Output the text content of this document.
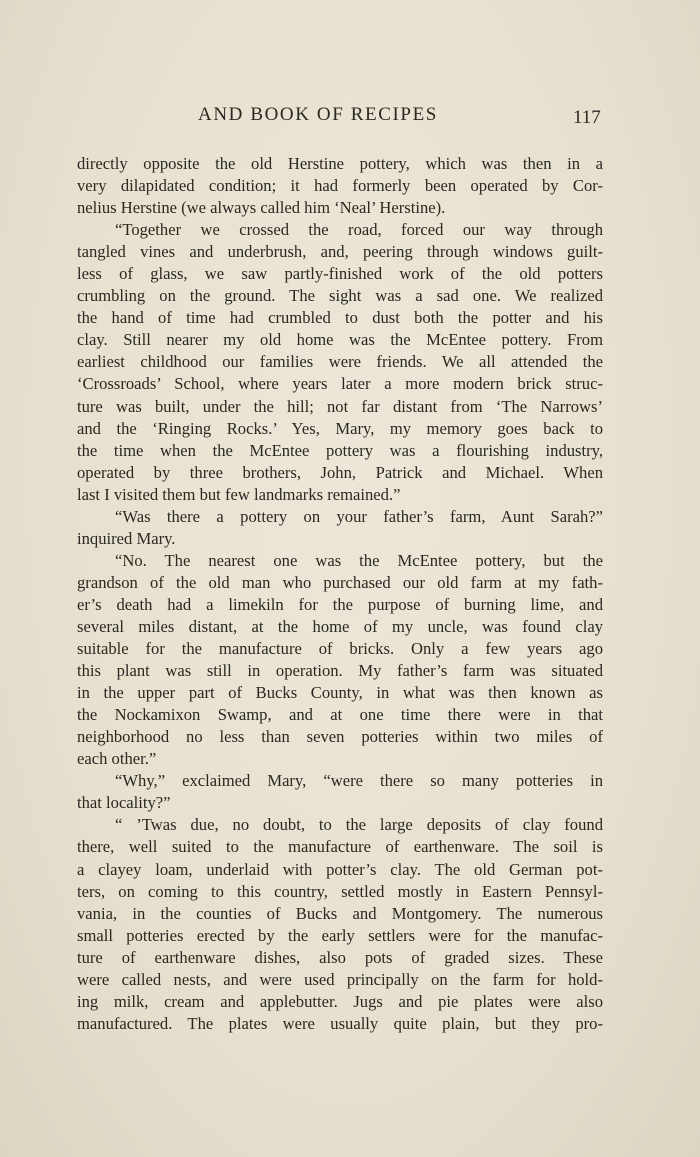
AND BOOK OF RECIPES	117
directly opposite the old Herstine pottery, which was then in a
very dilapidated condition; it had formerly been operated by Cor-
nelius Herstine (we always called him ‘Neal’ Herstine).
“Together we crossed the road, forced our way through
tangled vines and underbrush, and, peering through windows guilt-
less of glass, we saw partly-finished work of the old potters
crumbling on the ground. The sight was a sad one. We realized
the hand of time had crumbled to dust both the potter and his
clay. Still nearer my old home was the McEntee pottery. From
earliest childhood our families were friends. We all attended the
‘Crossroads’ School, where years later a more modern brick struc-
ture was built, under the hill; not far distant from ‘The Narrows’
and the ‘Ringing Rocks.’ Yes, Mary, my memory goes back to
the time when the McEntee pottery was a flourishing industry,
operated by three brothers, John, Patrick and Michael. When
last I visited them but few landmarks remained.”
“Was there a pottery on your father’s farm, Aunt Sarah?”
inquired Mary.
“No. The nearest one was the McEntee pottery, but the
grandson of the old man who purchased our old farm at my fath-
er’s death had a limekiln for the purpose of burning lime, and
several miles distant, at the home of my uncle, was found clay
suitable for the manufacture of bricks. Only a few years ago
this plant was still in operation. My father’s farm was situated
in the upper part of Bucks County, in what was then known as
the Nockamixon Swamp, and at one time there were in that
neighborhood no less than seven potteries within two miles of
each other.”
“Why,” exclaimed Mary, “were there so many potteries in
that locality?”
“ ’Twas due, no doubt, to the large deposits of clay found
there, well suited to the manufacture of earthenware. The soil is
a clayey loam, underlaid with potter’s clay. The old German pot-
ters, on coming to this country, settled mostly in Eastern Pennsyl-
vania, in the counties of Bucks and Montgomery. The numerous
small potteries erected by the early settlers were for the manufac-
ture of earthenware dishes, also pots of graded sizes. These
were called nests, and were used principally on the farm for hold-
ing milk, cream and applebutter. Jugs and pie plates were also
manufactured. The plates were usually quite plain, but they pro-
